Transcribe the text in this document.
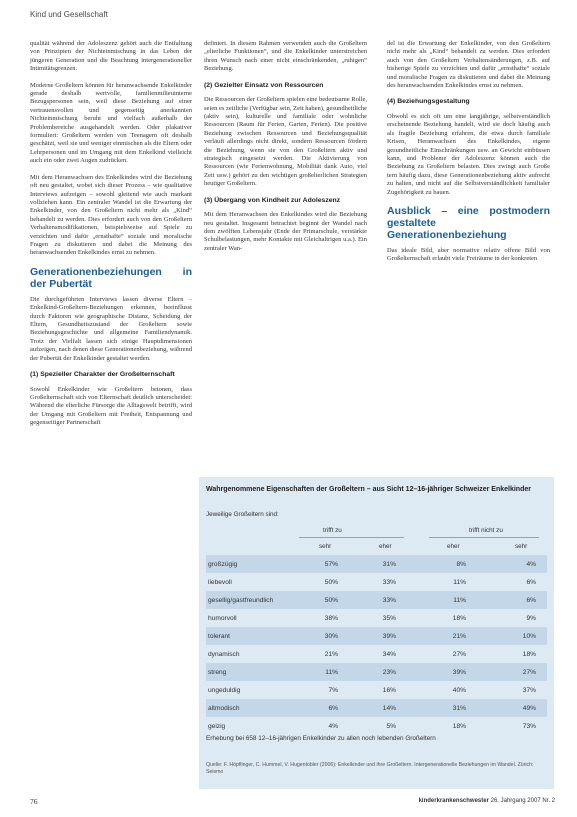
Kind und Gesellschaft

qualität während der Adoleszenz gehört auch die Entfaltung von Prinzipien der Nichteinmischung in das Leben der jüngeren Generation und die Beachtung intergenerationeller Intimitätsgrenzen.

Moderne Großeltern können für heranwachsende Enkelkinder gerade deshalb wertvolle, familienmilieuinterne Bezugspersonen sein, weil diese Beziehung auf einer vertrauensvollen und gegenseitig anerkannten Nichteinmischung beruht und vielfach außerhalb der Problembereiche ausgehandelt werden. Oder plakativer formuliert: Großeltern werden von Teenagern oft deshalb geschätzt, weil sie und weniger einmischen als die Eltern oder Lehrpersonen und im Umgang mit dem Enkelkind vielleicht auch ein oder zwei Augen zudrücken.

Mit dem Heranwachsen des Enkelkindes wird die Beziehung oft neu gestaltet, wobei sich dieser Prozess – wie qualitative Interviews aufzeigen – sowohl gleitend wie auch markant vollziehen kann. Ein zentraler Wandel ist die Erwartung der Enkelkinder, von den Großeltern nicht mehr als „Kind“ behandelt zu werden. Dies erfordert auch von den Großeltern Verhaltensmodifikationen, beispielsweise auf Spiele zu verzichten und dafür „ernsthafte“ soziale und moralische Fragen zu diskutieren und dabei die Meinung des heranwachsenden Enkelkindes ernst zu nehmen.

Generationenbeziehungen in der Pubertät

Die durchgeführten Interviews lassen diverse Eltern – Enkelkind-Großeltern-Beziehungen erkennen, beeinflusst durch Faktoren wie geographische Distanz, Scheidung der Eltern, Gesundheitszustand der Großeltern sowie Beziehungsgeschichte und allgemeine Familiendynamik. Trotz der Vielfalt lassen sich einige Hauptdimensionen aufzeigen, nach denen diese Generationenbeziehung, während der Pubertät der Enkelkinder gestaltet werden.

(1) Spezieller Charakter der Großelternschaft

Sowohl Enkelkinder wie Großeltern betonen, dass Großelternschaft sich von Elternschaft deutlich unterscheidet: Während die elterliche Fürsorge die Alltagswelt betrifft, wird der Umgang mit Großeltern mit Freiheit, Entspannung und gegenseitiger Partnerschaft

definiert. In diesem Rahmen verwenden auch die Großeltern „elterliche Funktionen“, und die Enkelkinder unterstreichen ihren Wunsch nach einer nicht einschränkenden, „ruhigen“ Beziehung.

(2) Gezielter Einsatz von Ressourcen

Die Ressourcen der Großeltern spielen eine bedeutsame Rolle, seien es zeitliche (Verfügbar sein, Zeit haben), gesundheitliche (aktiv sein), kulturelle und familiale oder wohnliche Ressourcen (Raum für Ferien, Garten, Ferien). Die positive Beziehung zwischen Ressourcen und Beziehungsqualität verläuft allerdings nicht direkt, sondern Ressourcen fördern die Beziehung, wenn sie von den Großeltern aktiv und strategisch eingesetzt werden. Die Aktivierung von Ressourcen (wie Ferienwohnung, Mobilität dank Auto, viel Zeit usw.) gehört zu den wichtigen großelterlichen Strategien heutiger Großeltern.

(3) Übergang von Kindheit zur Adoleszenz

Mit dem Heranwachsen des Enkelkindes wird die Beziehung neu gestaltet. Insgesamt betrachtet beginnt der Wandel nach dem zwölften Lebensjahr (Ende der Primarschule, verstärkte Schulbelastungen, mehr Kontakte mit Gleichaltrigen u.a.). Ein zentraler Wan-

del ist die Erwartung der Enkelkinder, von den Großeltern nicht mehr als „Kind“ behandelt zu werden. Dies erfordert auch von den Großeltern Verhaltensänderungen, z.B. auf bisherige Spiele zu verzichten und dafür „ernsthafte“ soziale und moralische Fragen zu diskutieren und dabei die Meinung des heranwachsenden Enkelkindes ernst zu nehmen.

(4) Beziehungsgestaltung

Obwohl es sich oft um eine langjährige, selbstverständlich erscheinende Beziehung handelt, wird sie doch häufig auch als fragile Beziehung erfahren, die etwa durch familiale Krisen, Heranwachsen des Enkelkindes, eigene gesundheitliche Einschränkungen usw. an Gewicht einbüssen kann, und Probleme der Adoleszenz können auch die Beziehung zu Großeltern belasten. Dies zwingt auch Große tern häufig dazu, diese Generationenbeziehung aktiv aufrecht zu halten, und nicht auf die Selbstverständlichkeit familialer Zugehörigkeit zu bauen.

Ausblick – eine postmodern gestaltete Generationenbeziehung

Das ideale Bild, aber normative relativ offene Bild von Großelternschaft erlaubt viele Freiräume in der konkreten

Wahrgenommene Eigenschaften der Großeltern – aus Sicht 12–16-jähriger Schweizer Enkelkinder
Jeweilige Großeltern sind:
trifft zu	trifft nicht zu
sehr	eher	eher	sehr
großzügig	57%	31%	8%	4%
liebevoll	50%	33%	11%	6%
gesellig/gastfreundlich	50%	33%	11%	6%
humorvoll	38%	35%	18%	9%
tolerant	30%	39%	21%	10%
dynamisch	21%	34%	27%	18%
streng	11%	23%	39%	27%
ungeduldig	7%	16%	40%	37%
altmodisch	6%	14%	31%	49%
geizig	4%	5%	18%	73%
Erhebung bei 658 12–16-jährigen Enkelkinder zu allen noch lebenden Großeltern
Quelle: F. Höpflinger, C. Hummel, V. Hugentobler (2006): Enkelkinder und ihre Großeltern. Intergenerationelle Beziehungen im Wandel. Zürich: Seismo
76	kinderkrankenschwester 26. Jahrgang 2007 Nr. 2
